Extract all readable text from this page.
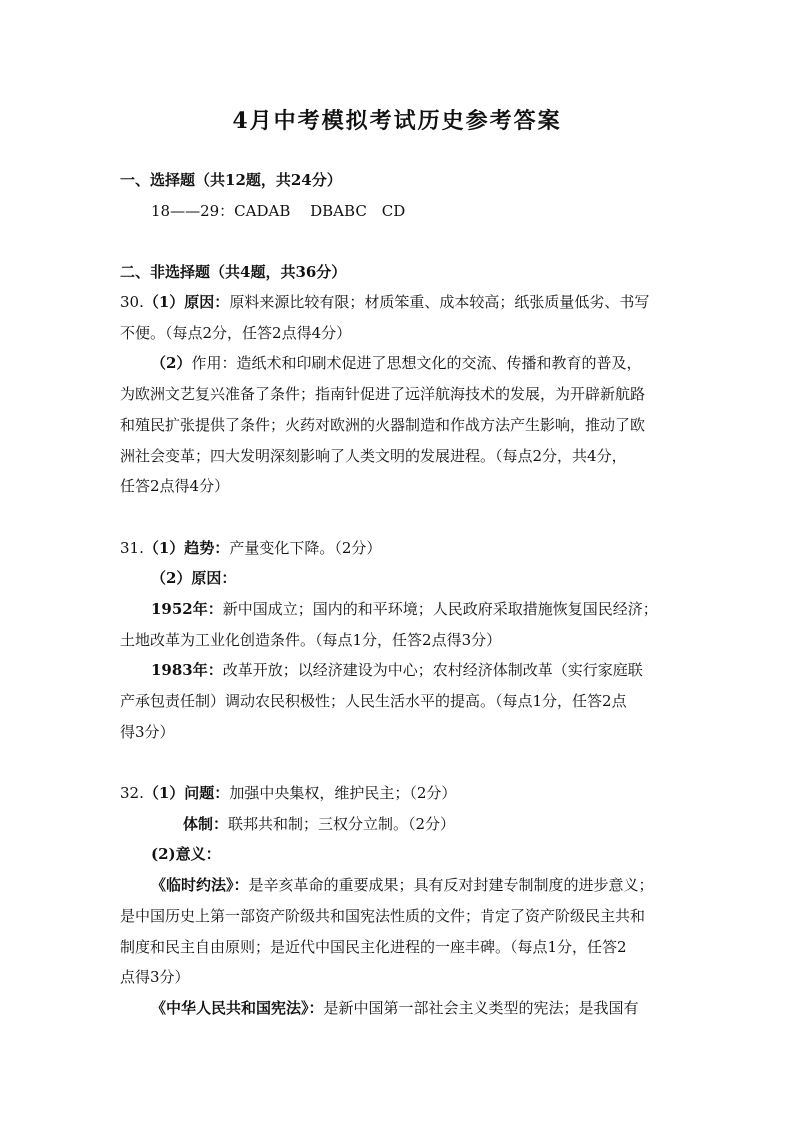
4月中考模拟考试历史参考答案
一、选择题（共12题，共24分）
18——29：CADAB　 DBABC　CD
二、非选择题（共4题，共36分）
30.（1）原因：原料来源比较有限；材质笨重、成本较高；纸张质量低劣、书写
不便。（每点2分，任答2点得4分）
（2）作用：造纸术和印刷术促进了思想文化的交流、传播和教育的普及，
为欧洲文艺复兴准备了条件；指南针促进了远洋航海技术的发展，为开辟新航路
和殖民扩张提供了条件；火药对欧洲的火器制造和作战方法产生影响，推动了欧
洲社会变革；四大发明深刻影响了人类文明的发展进程。（每点2分，共4分，
任答2点得4分）
31.（1）趋势：产量变化下降。（2分）
（2）原因：
1952年：新中国成立；国内的和平环境；人民政府采取措施恢复国民经济；
土地改革为工业化创造条件。（每点1分，任答2点得3分）
1983年：改革开放；以经济建设为中心；农村经济体制改革（实行家庭联
产承包责任制）调动农民积极性；人民生活水平的提高。（每点1分，任答2点
得3分）
32.（1）问题：加强中央集权，维护民主；（2分）
体制：联邦共和制；三权分立制。（2分）
(2)意义：
《临时约法》：是辛亥革命的重要成果；具有反对封建专制制度的进步意义；
是中国历史上第一部资产阶级共和国宪法性质的文件；肯定了资产阶级民主共和
制度和民主自由原则；是近代中国民主化进程的一座丰碑。（每点1分，任答2
点得3分）
《中华人民共和国宪法》：是新中国第一部社会主义类型的宪法；是我国有
